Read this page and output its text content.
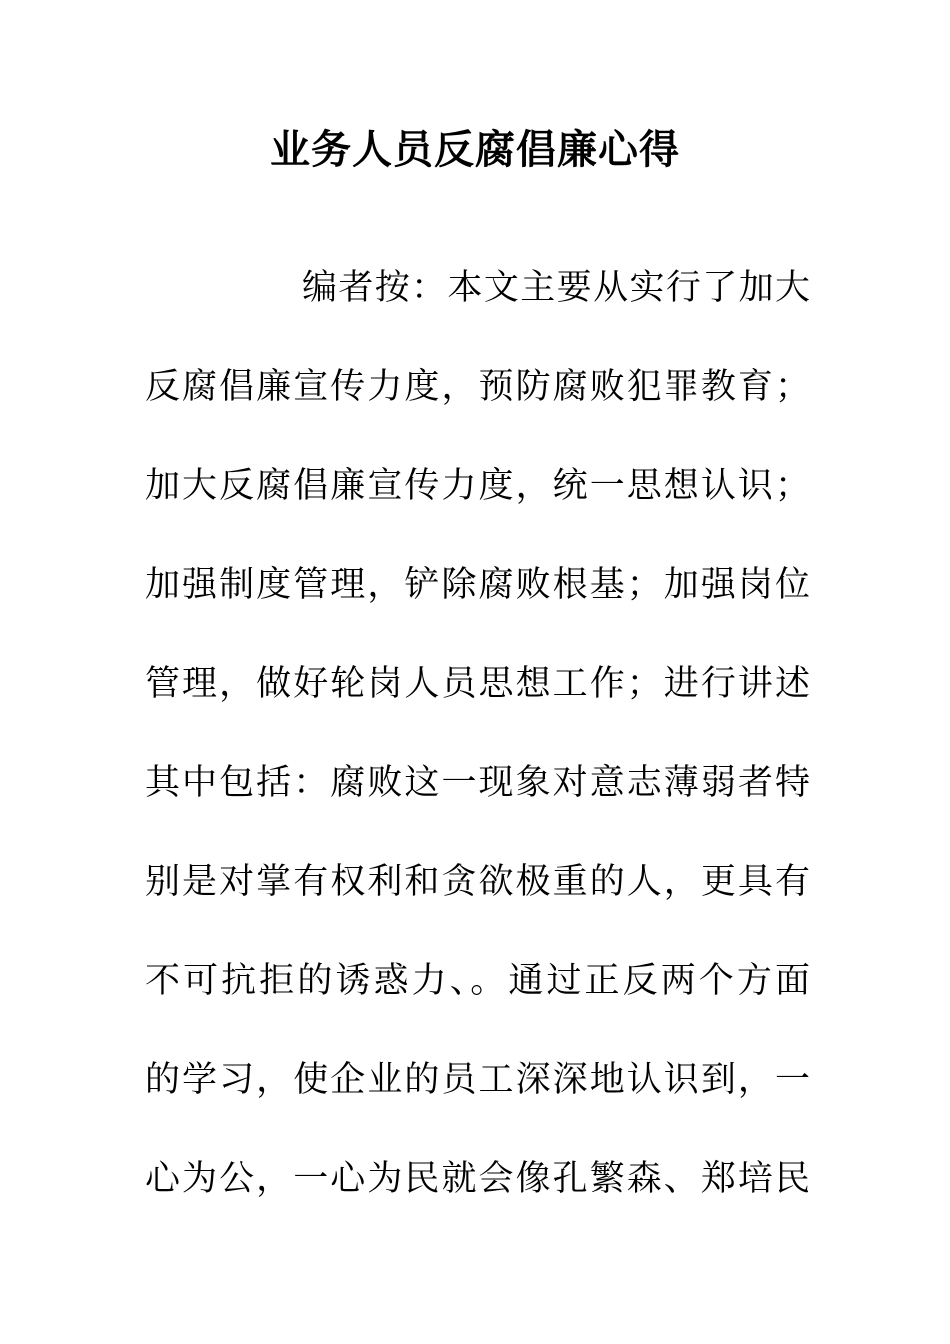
业务人员反腐倡廉心得
编者按：本文主要从实行了加大
反腐倡廉宣传力度，预防腐败犯罪教育；
加大反腐倡廉宣传力度，统一思想认识；
加强制度管理，铲除腐败根基；加强岗位
管理，做好轮岗人员思想工作；进行讲述
其中包括：腐败这一现象对意志薄弱者特
别是对掌有权利和贪欲极重的人，更具有
不可抗拒的诱惑力、。通过正反两个方面
的学习，使企业的员工深深地认识到，一
心为公，一心为民就会像孔繁森、郑培民
